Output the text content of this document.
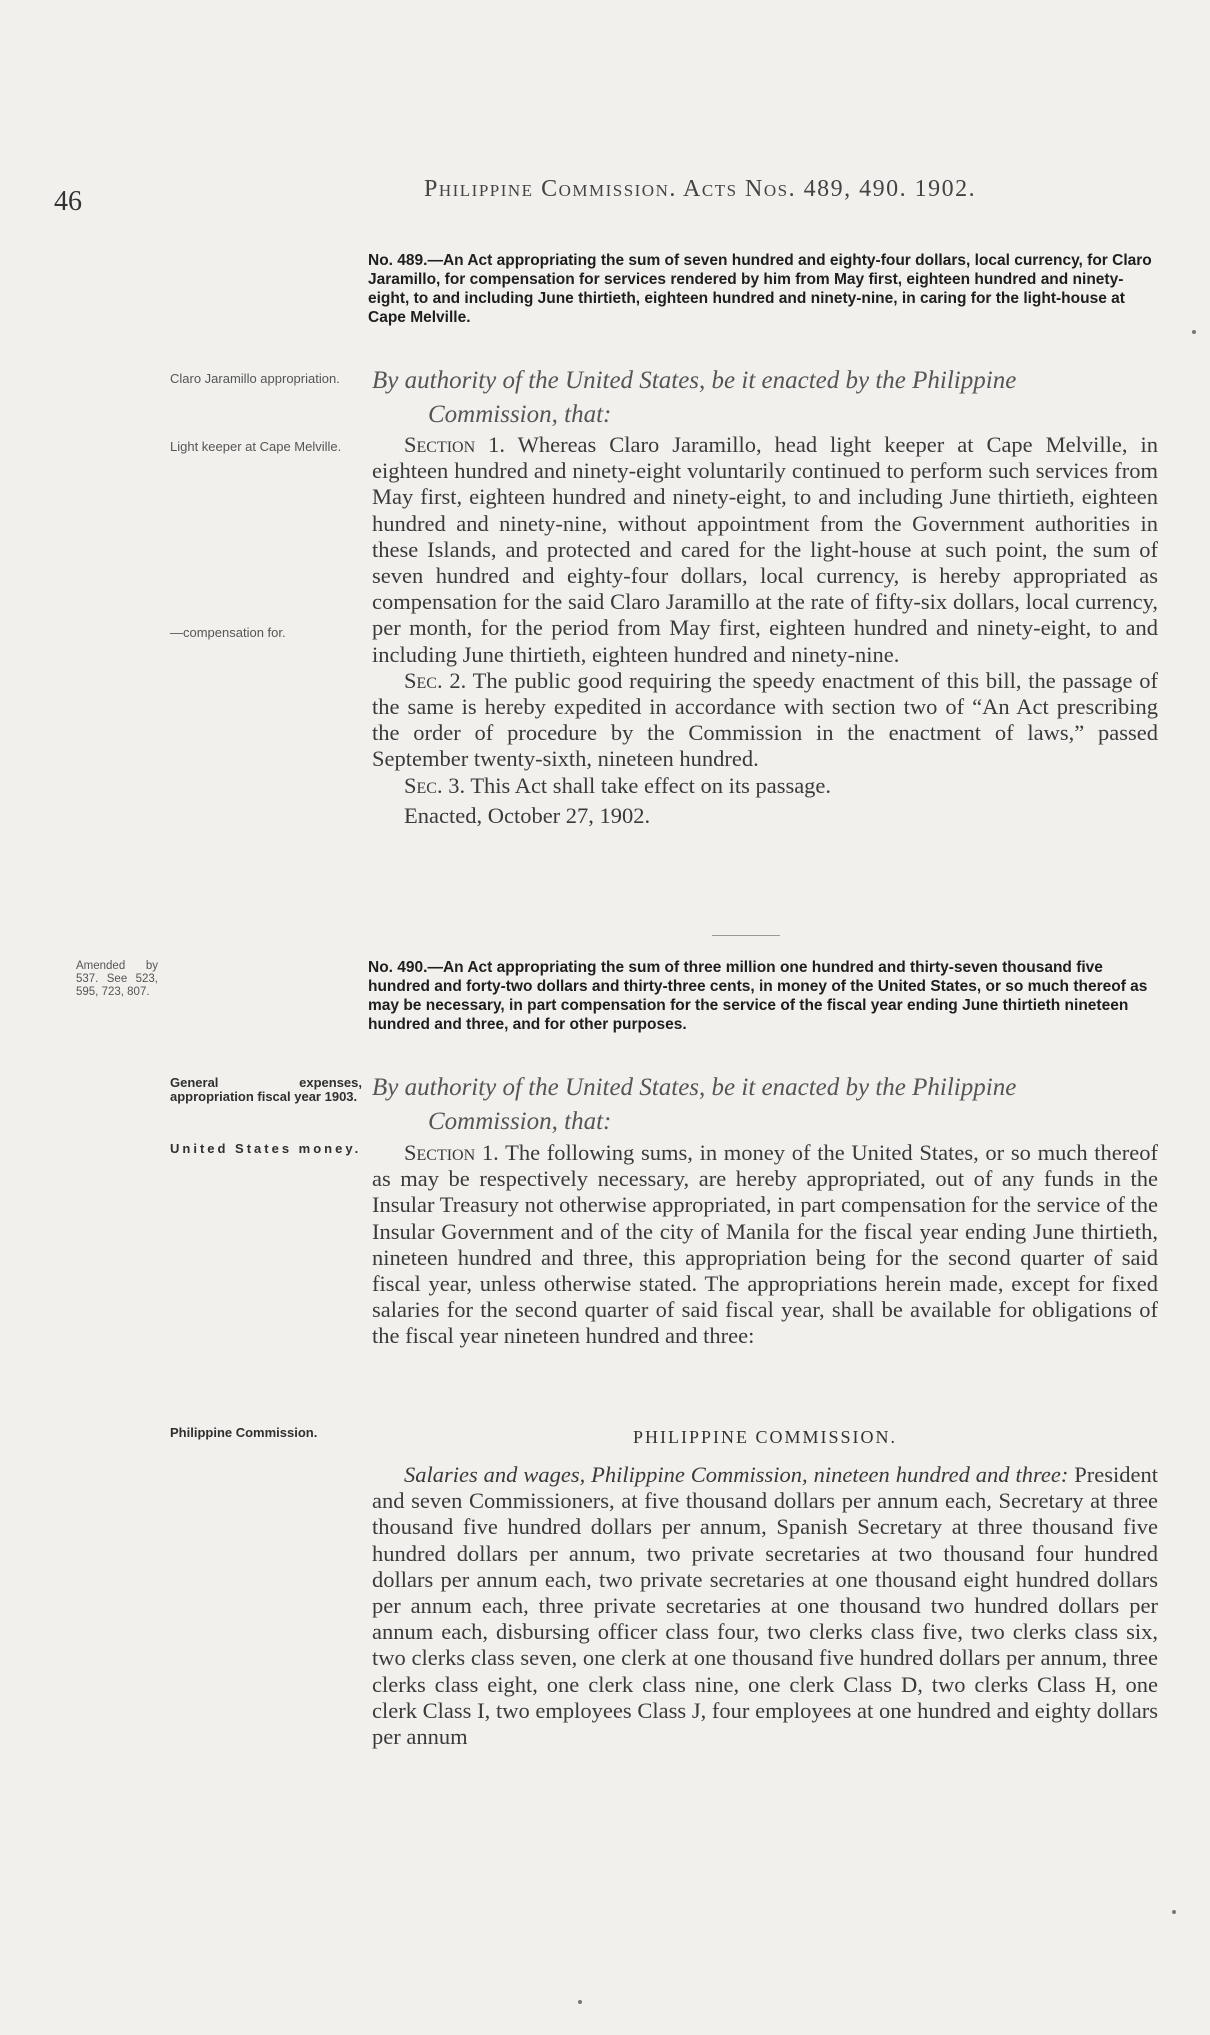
46	Philippine Commission. Acts Nos. 489, 490. 1902.
Claro Jaramillo appropriation.
Light keeper at Cape Melville.
—compensation for.
Amended by 537. See 523, 595, 723, 807.
General expenses, appropriation fiscal year 1903.
United States money.
Philippine Commission.
No. 489.—An Act appropriating the sum of seven hundred and eighty-four dollars, local currency, for Claro Jaramillo, for compensation for services rendered by him from May first, eighteen hundred and ninety-eight, to and including June thirtieth, eighteen hundred and ninety-nine, in caring for the light-house at Cape Melville.
By authority of the United States, be it enacted by the Philippine
Commission, that:

Section 1. Whereas Claro Jaramillo, head light keeper at Cape Melville, in eighteen hundred and ninety-eight voluntarily continued to perform such services from May first, eighteen hundred and ninety-eight, to and including June thirtieth, eighteen hundred and ninety-nine, without appointment from the Government authorities in these Islands, and protected and cared for the light-house at such point, the sum of seven hundred and eighty-four dollars, local currency, is hereby appropriated as compensation for the said Claro Jaramillo at the rate of fifty-six dollars, local currency, per month, for the period from May first, eighteen hundred and ninety-eight, to and including June thirtieth, eighteen hundred and ninety-nine.

Sec. 2. The public good requiring the speedy enactment of this bill, the passage of the same is hereby expedited in accordance with section two of “An Act prescribing the order of procedure by the Commission in the enactment of laws,” passed September twenty-sixth, nineteen hundred.

Sec. 3. This Act shall take effect on its passage.

Enacted, October 27, 1902.

No. 490.—An Act appropriating the sum of three million one hundred and thirty-seven thousand five hundred and forty-two dollars and thirty-three cents, in money of the United States, or so much thereof as may be necessary, in part compensation for the service of the fiscal year ending June thirtieth nineteen hundred and three, and for other purposes.
By authority of the United States, be it enacted by the Philippine
Commission, that:

Section 1. The following sums, in money of the United States, or so much thereof as may be respectively necessary, are hereby appropriated, out of any funds in the Insular Treasury not otherwise appropriated, in part compensation for the service of the Insular Government and of the city of Manila for the fiscal year ending June thirtieth, nineteen hundred and three, this appropriation being for the second quarter of said fiscal year, unless otherwise stated. The appropriations herein made, except for fixed salaries for the second quarter of said fiscal year, shall be available for obligations of the fiscal year nineteen hundred and three:

PHILIPPINE COMMISSION.

Salaries and wages, Philippine Commission, nineteen hundred and three: President and seven Commissioners, at five thousand dollars per annum each, Secretary at three thousand five hundred dollars per annum, Spanish Secretary at three thousand five hundred dollars per annum, two private secretaries at two thousand four hundred dollars per annum each, two private secretaries at one thousand eight hundred dollars per annum each, three private secretaries at one thousand two hundred dollars per annum each, disbursing officer class four, two clerks class five, two clerks class six, two clerks class seven, one clerk at one thousand five hundred dollars per annum, three clerks class eight, one clerk class nine, one clerk Class D, two clerks Class H, one clerk Class I, two employees Class J, four employees at one hundred and eighty dollars per annum
